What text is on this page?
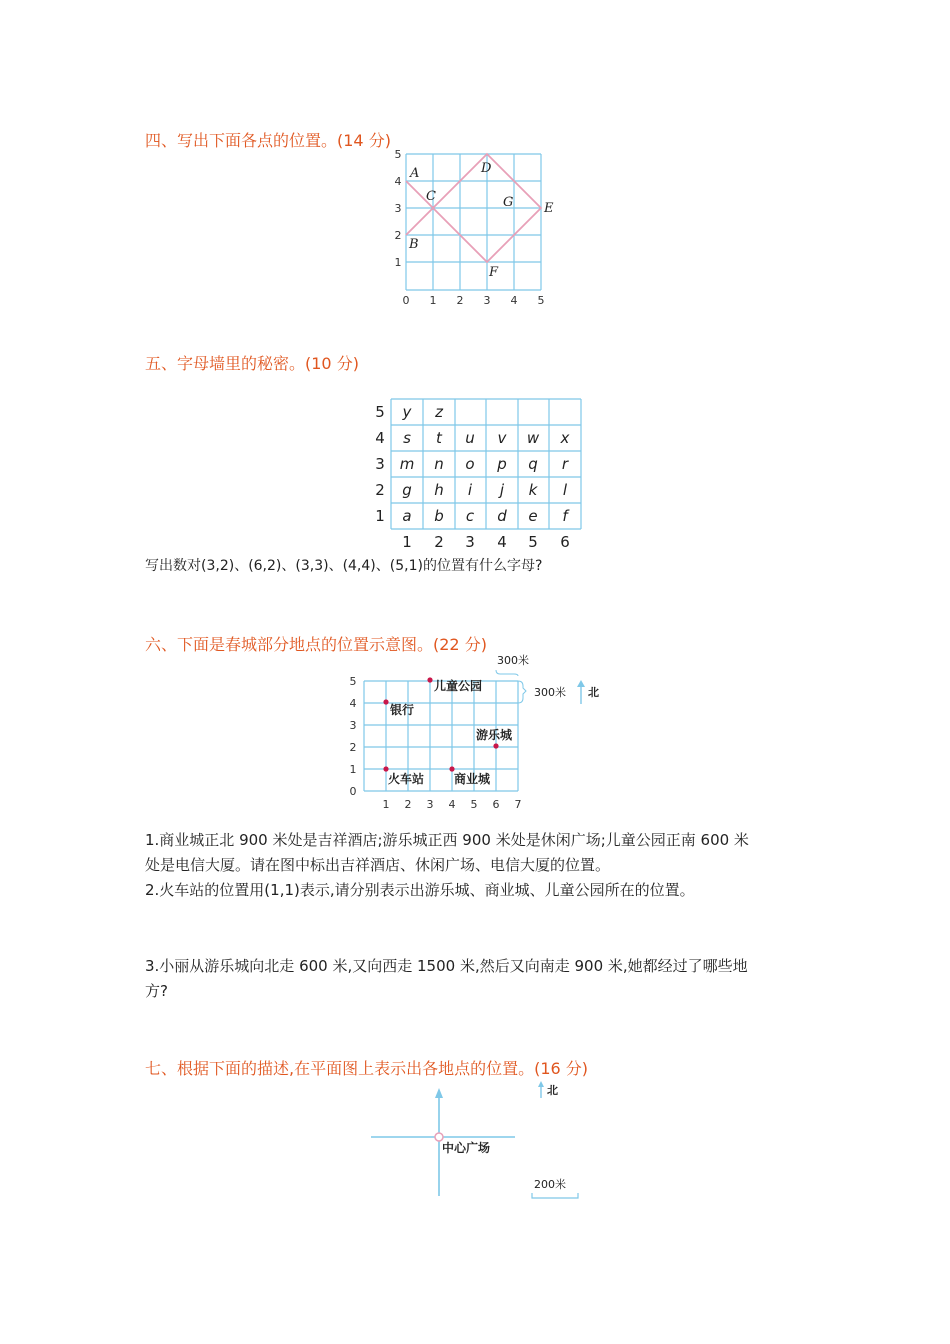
四、写出下面各点的位置。(14 分)
0 1 2 3 4 5
1
2
3
4
5
A
B
C
D
E
F
G
五、字母墙里的秘密。(10 分)
5
4
3
2
1
1 2 3 4 5 6
y z
s t u v w x
m n o p q r
g h i j k l
a b c d e f
写出数对(3,2)、(6,2)、(3,3)、(4,4)、(5,1)的位置有什么字母?
六、下面是春城部分地点的位置示意图。(22 分)
5
4
3
2
1
0
1 2 3 4 5 6 7
儿童公园
银行
游乐城
火车站 商业城
300米
300米 北
1.商业城正北 900 米处是吉祥酒店;游乐城正西 900 米处是休闲广场;儿童公园正南 600 米
处是电信大厦。请在图中标出吉祥酒店、休闲广场、电信大厦的位置。
2.火车站的位置用(1,1)表示,请分别表示出游乐城、商业城、儿童公园所在的位置。
3.小丽从游乐城向北走 600 米,又向西走 1500 米,然后又向南走 900 米,她都经过了哪些地
方?
七、根据下面的描述,在平面图上表示出各地点的位置。(16 分)
中心广场
北
200米
